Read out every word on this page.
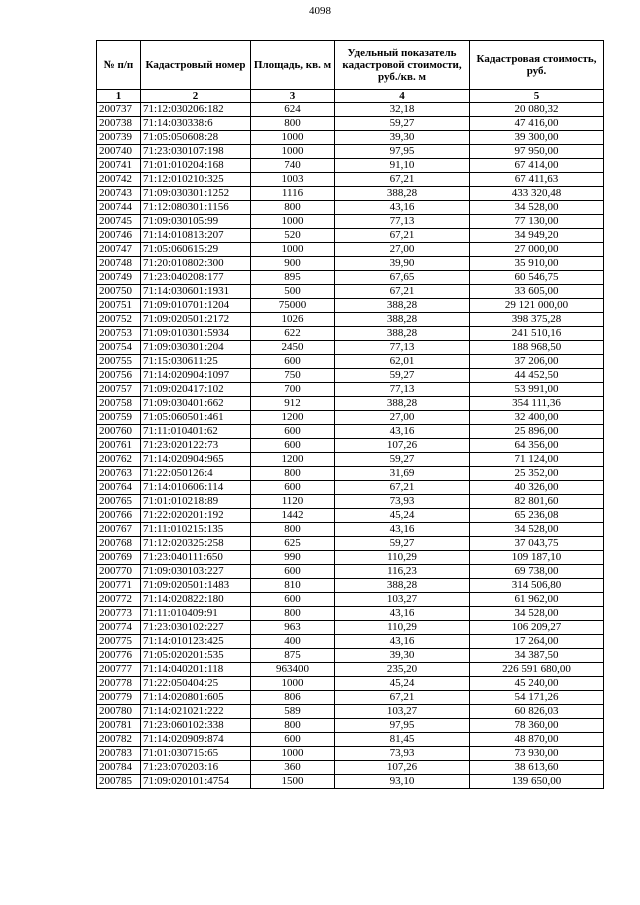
4098
№ п/п	Кадастровый номер	Площадь, кв. м	Удельный показатель кадастровой стоимости, руб./кв. м	Кадастровая стоимость, руб.
1	2	3	4	5
200737	71:12:030206:182	624	32,18	20 080,32
200738	71:14:030338:6	800	59,27	47 416,00
200739	71:05:050608:28	1000	39,30	39 300,00
200740	71:23:030107:198	1000	97,95	97 950,00
200741	71:01:010204:168	740	91,10	67 414,00
200742	71:12:010210:325	1003	67,21	67 411,63
200743	71:09:030301:1252	1116	388,28	433 320,48
200744	71:12:080301:1156	800	43,16	34 528,00
200745	71:09:030105:99	1000	77,13	77 130,00
200746	71:14:010813:207	520	67,21	34 949,20
200747	71:05:060615:29	1000	27,00	27 000,00
200748	71:20:010802:300	900	39,90	35 910,00
200749	71:23:040208:177	895	67,65	60 546,75
200750	71:14:030601:1931	500	67,21	33 605,00
200751	71:09:010701:1204	75000	388,28	29 121 000,00
200752	71:09:020501:2172	1026	388,28	398 375,28
200753	71:09:010301:5934	622	388,28	241 510,16
200754	71:09:030301:204	2450	77,13	188 968,50
200755	71:15:030611:25	600	62,01	37 206,00
200756	71:14:020904:1097	750	59,27	44 452,50
200757	71:09:020417:102	700	77,13	53 991,00
200758	71:09:030401:662	912	388,28	354 111,36
200759	71:05:060501:461	1200	27,00	32 400,00
200760	71:11:010401:62	600	43,16	25 896,00
200761	71:23:020122:73	600	107,26	64 356,00
200762	71:14:020904:965	1200	59,27	71 124,00
200763	71:22:050126:4	800	31,69	25 352,00
200764	71:14:010606:114	600	67,21	40 326,00
200765	71:01:010218:89	1120	73,93	82 801,60
200766	71:22:020201:192	1442	45,24	65 236,08
200767	71:11:010215:135	800	43,16	34 528,00
200768	71:12:020325:258	625	59,27	37 043,75
200769	71:23:040111:650	990	110,29	109 187,10
200770	71:09:030103:227	600	116,23	69 738,00
200771	71:09:020501:1483	810	388,28	314 506,80
200772	71:14:020822:180	600	103,27	61 962,00
200773	71:11:010409:91	800	43,16	34 528,00
200774	71:23:030102:227	963	110,29	106 209,27
200775	71:14:010123:425	400	43,16	17 264,00
200776	71:05:020201:535	875	39,30	34 387,50
200777	71:14:040201:118	963400	235,20	226 591 680,00
200778	71:22:050404:25	1000	45,24	45 240,00
200779	71:14:020801:605	806	67,21	54 171,26
200780	71:14:021021:222	589	103,27	60 826,03
200781	71:23:060102:338	800	97,95	78 360,00
200782	71:14:020909:874	600	81,45	48 870,00
200783	71:01:030715:65	1000	73,93	73 930,00
200784	71:23:070203:16	360	107,26	38 613,60
200785	71:09:020101:4754	1500	93,10	139 650,00
